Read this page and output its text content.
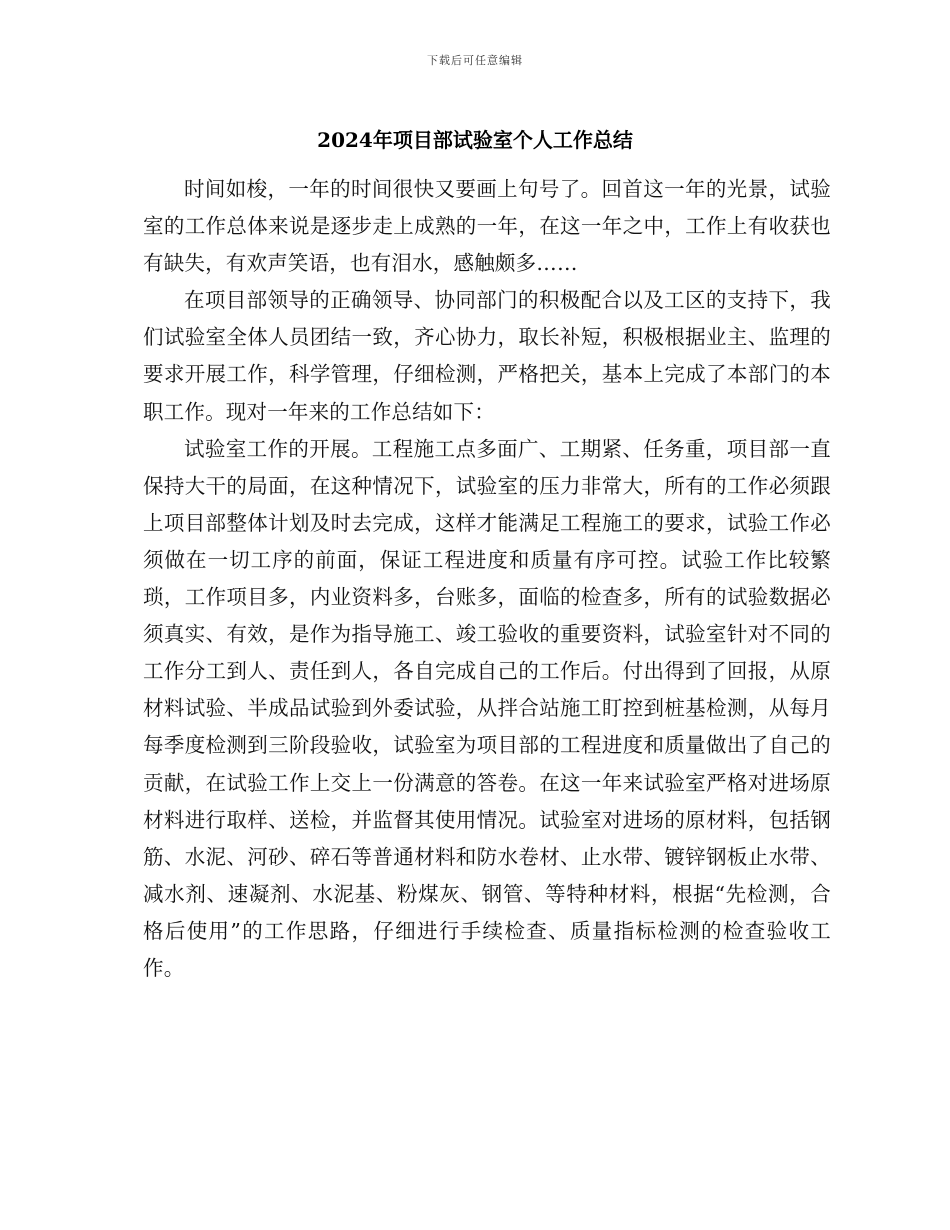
下载后可任意编辑
2024年项目部试验室个人工作总结

时间如梭，一年的时间很快又要画上句号了。回首这一年的光景，试验室的工作总体来说是逐步走上成熟的一年，在这一年之中，工作上有收获也有缺失，有欢声笑语，也有泪水，感触颇多……

在项目部领导的正确领导、协同部门的积极配合以及工区的支持下，我们试验室全体人员团结一致，齐心协力，取长补短，积极根据业主、监理的要求开展工作，科学管理，仔细检测，严格把关，基本上完成了本部门的本职工作。现对一年来的工作总结如下：

试验室工作的开展。工程施工点多面广、工期紧、任务重，项目部一直保持大干的局面，在这种情况下，试验室的压力非常大，所有的工作必须跟上项目部整体计划及时去完成，这样才能满足工程施工的要求，试验工作必须做在一切工序的前面，保证工程进度和质量有序可控。试验工作比较繁琐，工作项目多，内业资料多，台账多，面临的检查多，所有的试验数据必须真实、有效，是作为指导施工、竣工验收的重要资料，试验室针对不同的工作分工到人、责任到人，各自完成自己的工作后。付出得到了回报，从原材料试验、半成品试验到外委试验，从拌合站施工盯控到桩基检测，从每月每季度检测到三阶段验收，试验室为项目部的工程进度和质量做出了自己的贡献，在试验工作上交上一份满意的答卷。在这一年来试验室严格对进场原材料进行取样、送检，并监督其使用情况。试验室对进场的原材料，包括钢筋、水泥、河砂、碎石等普通材料和防水卷材、止水带、镀锌钢板止水带、减水剂、速凝剂、水泥基、粉煤灰、钢管、等特种材料，根据“先检测，合格后使用”的工作思路，仔细进行手续检查、质量指标检测的检查验收工作。
